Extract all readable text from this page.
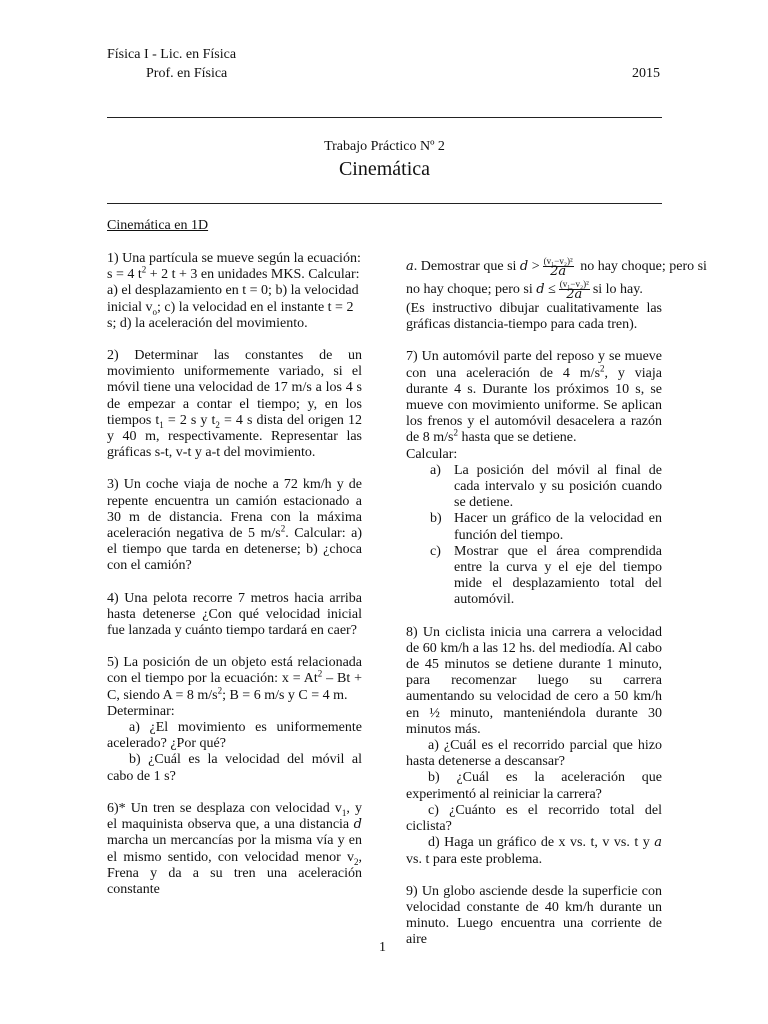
Física I - Lic. en Física
Prof. en Física	2015
Trabajo Práctico Nº 2
Cinemática
Cinemática en 1D
1) Una partícula se mueve según la ecuación:
s = 4 $t^2 + 2$ t + 3 en unidades MKS. Calcular:
a) el desplazamiento en t = 0; b) la velocidad
inicial $v_o$; c) la velocidad en el instante t = 2
s; d) la aceleración del movimiento.

2) Determinar las constantes de un movimiento uniformemente variado, si el móvil tiene una velocidad de 17 m/s a los 4 s de empezar a contar el tiempo; y, en los tiempos $t_1 = 2$ s y $t_2 = 4$ s dista del origen 12 y 40 m, respectivamente. Representar las gráficas s-t, v-t y a-t del movimiento.

3) Un coche viaja de noche a 72 km/h y de repente encuentra un camión estacionado a 30 m de distancia. Frena con la máxima aceleración negativa de 5 $m/s^2$. Calcular: a) el tiempo que tarda en detenerse; b) ¿choca con el camión?

4) Una pelota recorre 7 metros hacia arriba hasta detenerse ¿Con qué velocidad inicial fue lanzada y cuánto tiempo tardará en caer?

5) La posición de un objeto está relacionada con el tiempo por la ecuación: $x = At^2 - Bt + C$, siendo A = 8 $m/s^2$; B = 6 m/s y C = 4 m.
Determinar:
a) ¿El movimiento es uniformemente acelerado? ¿Por qué?
b) ¿Cuál es la velocidad del móvil al cabo de 1 s?

6)* Un tren se desplaza con velocidad $v_1$, y el maquinista observa que, a una distancia d marcha un mercancías por la misma vía y en el mismo sentido, con velocidad menor $v_2$, Frena y da a su tren una aceleración constante

a. Demostrar que si $d > \frac{\text{(v₁−v₂)²}}{2a}$ no hay choque; pero si
no hay choque; pero si $d \le \frac{\text{(v₁−v₂)²}}{2a}$ si lo hay.
(Es instructivo dibujar cualitativamente las gráficas distancia-tiempo para cada tren).
7) Un automóvil parte del reposo y se mueve con una aceleración de 4 $m/s^2$, y viaja durante 4 s. Durante los próximos 10 s, se mueve con movimiento uniforme. Se aplican los frenos y el automóvil desacelera a razón de 8 $m/s^2$ hasta que se detiene.
Calcular:
a) La posición del móvil al final de cada intervalo y su posición cuando se detiene.
b) Hacer un gráfico de la velocidad en función del tiempo.
c) Mostrar que el área comprendida entre la curva y el eje del tiempo mide el desplazamiento total del automóvil.
8) Un ciclista inicia una carrera a velocidad de 60 km/h a las 12 hs. del mediodía. Al cabo de 45 minutos se detiene durante 1 minuto, para recomenzar luego su carrera aumentando su velocidad de cero a 50 km/h en ½ minuto, manteniéndola durante 30 minutos más.
a) ¿Cuál es el recorrido parcial que hizo hasta detenerse a descansar?
b) ¿Cuál es la aceleración que experimentó al reiniciar la carrera?
c) ¿Cuánto es el recorrido total del ciclista?
d) Haga un gráfico de x vs. t, v vs. t y a vs. t para este problema.

9) Un globo asciende desde la superficie con velocidad constante de 40 km/h durante un minuto. Luego encuentra una corriente de aire

1
